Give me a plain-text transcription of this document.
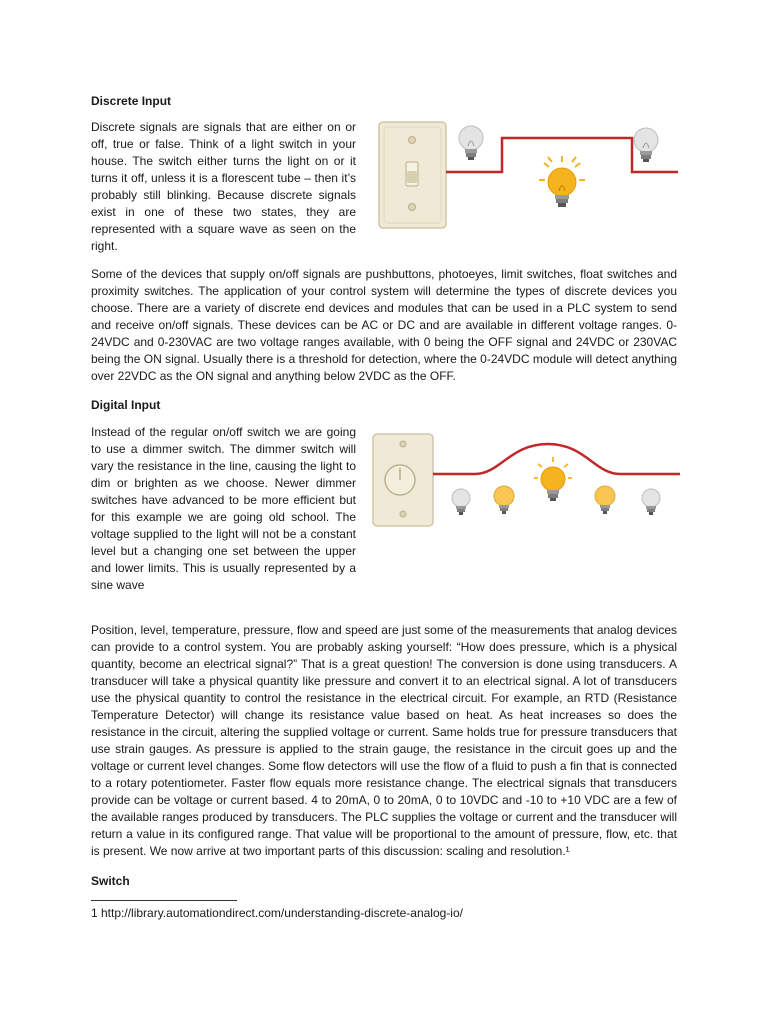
Discrete Input

Discrete signals are signals that are either on or off, true or false. Think of a light switch in your house. The switch either turns the light on or it turns it off, unless it is a florescent tube – then it’s probably still blinking. Because discrete signals exist in one of these two states, they are represented with a square wave as seen on the right.

Some of the devices that supply on/off signals are pushbuttons, photoeyes, limit switches, float switches and proximity switches. The application of your control system will determine the types of discrete devices you choose. There are a variety of discrete end devices and modules that can be used in a PLC system to send and receive on/off signals. These devices can be AC or DC and are available in different voltage ranges. 0-24VDC and 0-230VAC are two voltage ranges available, with 0 being the OFF signal and 24VDC or 230VAC being the ON signal. Usually there is a threshold for detection, where the 0-24VDC module will detect anything over 22VDC as the ON signal and anything below 2VDC as the OFF.

Digital Input

Instead of the regular on/off switch we are going to use a dimmer switch. The dimmer switch will vary the resistance in the line, causing the light to dim or brighten as we choose. Newer dimmer switches have advanced to be more efficient but for this example we are going old school. The voltage supplied to the light will not be a constant level but a changing one set between the upper and lower limits. This is usually represented by a sine wave

Position, level, temperature, pressure, flow and speed are just some of the measurements that analog devices can provide to a control system. You are probably asking yourself: “How does pressure, which is a physical quantity, become an electrical signal?” That is a great question! The conversion is done using transducers. A transducer will take a physical quantity like pressure and convert it to an electrical signal. A lot of transducers use the physical quantity to control the resistance in the electrical circuit. For example, an RTD (Resistance Temperature Detector) will change its resistance value based on heat. As heat increases so does the resistance in the circuit, altering the supplied voltage or current. Same holds true for pressure transducers that use strain gauges. As pressure is applied to the strain gauge, the resistance in the circuit goes up and the voltage or current level changes. Some flow detectors will use the flow of a fluid to push a fin that is connected to a rotary potentiometer. Faster flow equals more resistance change. The electrical signals that transducers provide can be voltage or current based. 4 to 20mA, 0 to 20mA, 0 to 10VDC and -10 to +10 VDC are a few of the available ranges produced by transducers. The PLC supplies the voltage or current and the transducer will return a value in its configured range. That value will be proportional to the amount of pressure, flow, etc. that is present. We now arrive at two important parts of this discussion: scaling and resolution.¹

Switch

1 http://library.automationdirect.com/understanding-discrete-analog-io/
